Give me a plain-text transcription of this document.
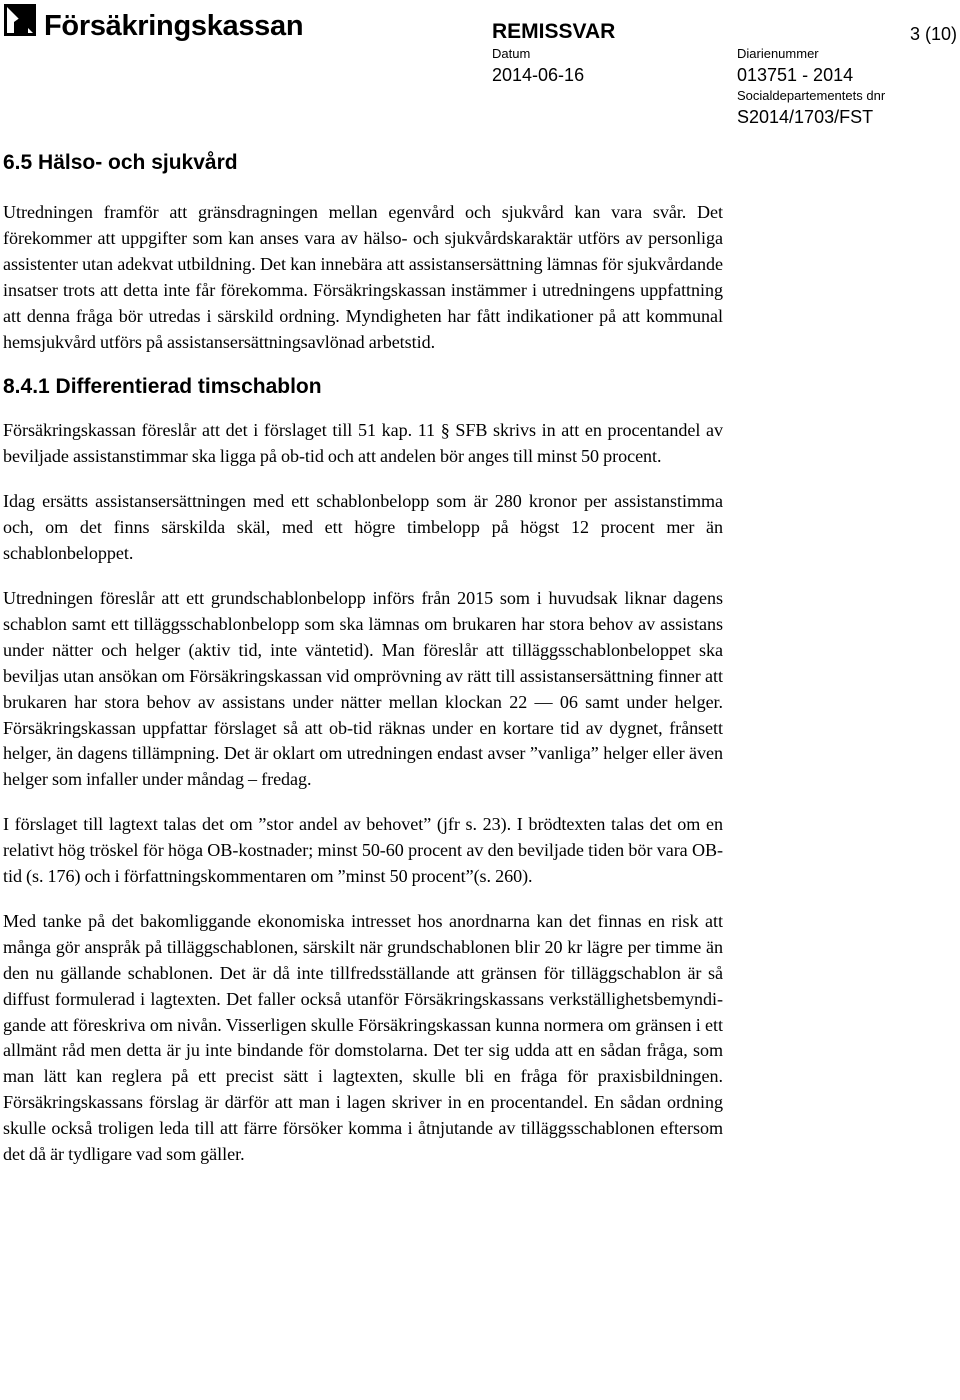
Försäkringskassan	REMISSVAR	3 (10)
Datum
2014-06-16
Diarienummer
013751 - 2014
Socialdepartementets dnr
S2014/1703/FST
6.5 Hälso- och sjukvård

Utredningen framför att gränsdragningen mellan egenvård och sjukvård kan vara svår. Det förekommer att uppgifter som kan anses vara av hälso- och sjukvårdskaraktär utförs av personliga assistenter utan adekvat utbildning. Det kan innebära att assistansersättning lämnas för sjukvårdande insatser trots att detta inte får förekomma. Försäkringskassan instämmer i utredningens uppfattning att denna fråga bör utredas i särskild ordning. Myndigheten har fått indikationer på att kommunal hemsjukvård utförs på assistansersättningsavlönad arbetstid.

8.4.1 Differentierad timschablon

Försäkringskassan föreslår att det i förslaget till 51 kap. 11 § SFB skrivs in att en procentandel av beviljade assistanstimmar ska ligga på ob-tid och att andelen bör anges till minst 50 procent.

Idag ersätts assistansersättningen med ett schablonbelopp som är 280 kronor per assistanstimma och, om det finns särskilda skäl, med ett högre timbelopp på högst 12 procent mer än schablonbeloppet.

Utredningen föreslår att ett grundschablonbelopp införs från 2015 som i huvudsak liknar dagens schablon samt ett tilläggsschablonbelopp som ska lämnas om brukaren har stora behov av assistans under nätter och helger (aktiv tid, inte väntetid). Man föreslår att tilläggsschablonbeloppet ska beviljas utan ansökan om Försäkringskassan vid omprövning av rätt till assistansersättning finner att brukaren har stora behov av assistans under nätter mellan klockan 22 — 06 samt under helger. Försäkringskassan uppfattar förslaget så att ob-tid räknas under en kortare tid av dygnet, frånsett helger, än dagens tillämpning. Det är oklart om utredningen endast avser ”vanliga” helger eller även helger som infaller under måndag – fredag.

I förslaget till lagtext talas det om ”stor andel av behovet” (jfr s. 23). I brödtexten talas det om en relativt hög tröskel för höga OB-kostnader; minst 50-60 procent av den beviljade tiden bör vara OB-tid (s. 176) och i författningskommentaren om ”minst 50 procent”(s. 260).

Med tanke på det bakomliggande ekonomiska intresset hos anordnarna kan det finnas en risk att många gör anspråk på tilläggschablonen, särskilt när grundschablonen blir 20 kr lägre per timme än den nu gällande schablonen. Det är då inte tillfredsställande att gränsen för tilläggschablon är så diffust formulerad i lagtexten. Det faller också utanför Försäkringskassans verkställighetsbemyndigande att föreskriva om nivån. Visserligen skulle Försäkringskassan kunna normera om gränsen i ett allmänt råd men detta är ju inte bindande för domstolarna. Det ter sig udda att en sådan fråga, som man lätt kan reglera på ett precist sätt i lagtexten, skulle bli en fråga för praxisbildningen. Försäkringskassans förslag är därför att man i lagen skriver in en procentandel. En sådan ordning skulle också troligen leda till att färre försöker komma i åtnjutande av tilläggsschablonen eftersom det då är tydligare vad som gäller.
